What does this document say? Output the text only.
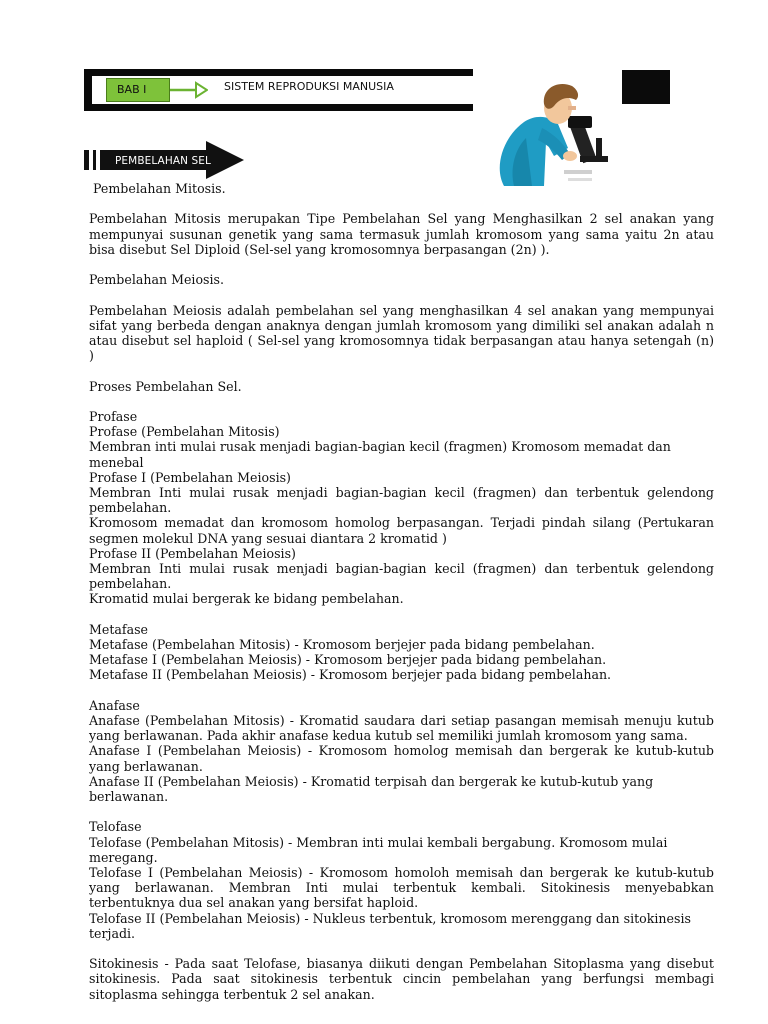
BAB I	SISTEM REPRODUKSI MANUSIA
PEMBELAHAN SEL

Pembelahan Mitosis.

Pembelahan Mitosis merupakan Tipe Pembelahan Sel yang Menghasilkan 2 sel anakan yang mempunyai susunan genetik yang sama termasuk jumlah kromosom yang sama yaitu 2n atau bisa disebut Sel Diploid (Sel-sel yang kromosomnya berpasangan (2n) ).

Pembelahan Meiosis.

Pembelahan Meiosis adalah pembelahan sel yang menghasilkan 4 sel anakan yang mempunyai sifat yang berbeda dengan anaknya dengan jumlah kromosom yang dimiliki sel anakan adalah n atau disebut sel haploid ( Sel-sel yang kromosomnya tidak berpasangan atau hanya setengah (n) )

Proses Pembelahan Sel.

Profase

Profase (Pembelahan Mitosis)

Membran inti mulai rusak menjadi bagian-bagian kecil (fragmen) Kromosom memadat dan menebal

Profase I (Pembelahan Meiosis)

Membran Inti mulai rusak menjadi bagian-bagian kecil (fragmen) dan terbentuk gelendong pembelahan.

Kromosom memadat dan kromosom homolog berpasangan. Terjadi pindah silang (Pertukaran segmen molekul DNA yang sesuai diantara 2 kromatid )

Profase II (Pembelahan Meiosis)

Membran Inti mulai rusak menjadi bagian-bagian kecil (fragmen) dan terbentuk gelendong pembelahan.

Kromatid mulai bergerak ke bidang pembelahan.

Metafase

Metafase (Pembelahan Mitosis) - Kromosom berjejer pada bidang pembelahan.

Metafase I (Pembelahan Meiosis) - Kromosom berjejer pada bidang pembelahan.

Metafase II (Pembelahan Meiosis) - Kromosom berjejer pada bidang pembelahan.

Anafase

Anafase (Pembelahan Mitosis) - Kromatid saudara dari setiap pasangan memisah menuju kutub yang berlawanan. Pada akhir anafase kedua kutub sel memiliki jumlah kromosom yang sama.

Anafase I (Pembelahan Meiosis) - Kromosom homolog memisah dan bergerak ke kutub-kutub yang berlawanan.

Anafase II (Pembelahan Meiosis) - Kromatid terpisah dan bergerak ke kutub-kutub yang berlawanan.

Telofase

Telofase (Pembelahan Mitosis) - Membran inti mulai kembali bergabung. Kromosom mulai meregang.

Telofase I (Pembelahan Meiosis) - Kromosom homoloh memisah dan bergerak ke kutub-kutub yang berlawanan. Membran Inti mulai terbentuk kembali. Sitokinesis menyebabkan terbentuknya dua sel anakan yang bersifat haploid.

Telofase II (Pembelahan Meiosis) - Nukleus terbentuk, kromosom merenggang dan sitokinesis terjadi.

Sitokinesis - Pada saat Telofase, biasanya diikuti dengan Pembelahan Sitoplasma yang disebut sitokinesis. Pada saat sitokinesis terbentuk cincin pembelahan yang berfungsi membagi sitoplasma sehingga terbentuk 2 sel anakan.
